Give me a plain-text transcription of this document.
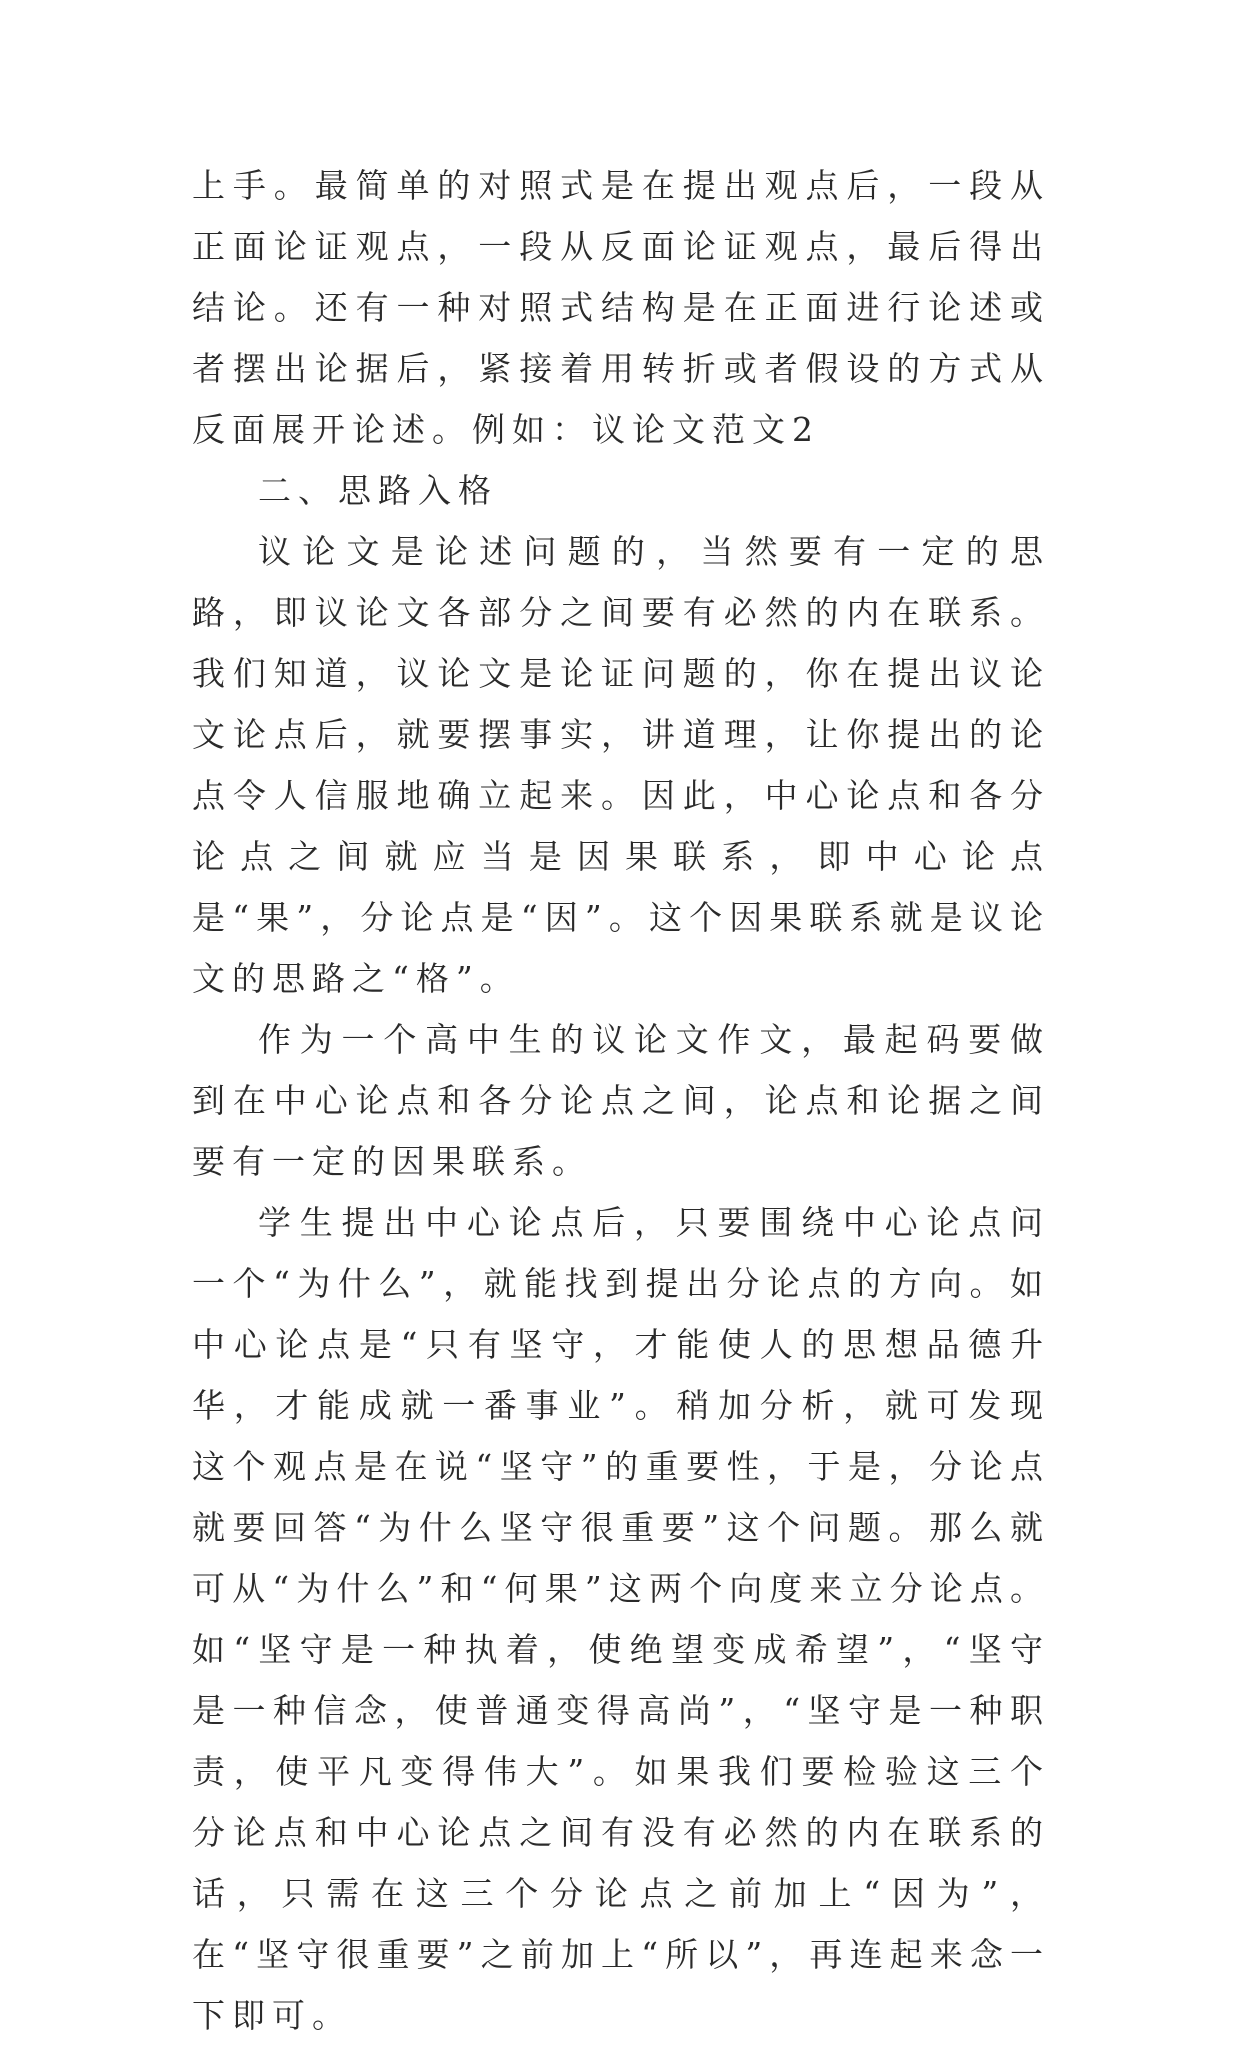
上手。最简单的对照式是在提出观点后，一段从正面论证观点，一段从反面论证观点，最后得出结论。还有一种对照式结构是在正面进行论述或者摆出论据后，紧接着用转折或者假设的方式从反面展开论述。例如：议论文范文2

二、思路入格

议论文是论述问题的，当然要有一定的思路，即议论文各部分之间要有必然的内在联系。我们知道，议论文是论证问题的，你在提出议论文论点后，就要摆事实，讲道理，让你提出的论点令人信服地确立起来。因此，中心论点和各分论点之间就应当是因果联系，即中心论点是“果”，分论点是“因”。这个因果联系就是议论文的思路之“格”。

作为一个高中生的议论文作文，最起码要做到在中心论点和各分论点之间，论点和论据之间要有一定的因果联系。

学生提出中心论点后，只要围绕中心论点问一个“为什么”，就能找到提出分论点的方向。如中心论点是“只有坚守，才能使人的思想品德升华，才能成就一番事业”。稍加分析，就可发现这个观点是在说“坚守”的重要性，于是，分论点就要回答“为什么坚守很重要”这个问题。那么就可从“为什么”和“何果”这两个向度来立分论点。如“坚守是一种执着，使绝望变成希望”，“坚守是一种信念，使普通变得高尚”，“坚守是一种职责，使平凡变得伟大”。如果我们要检验这三个分论点和中心论点之间有没有必然的内在联系的话，只需在这三个分论点之前加上“因为”，在“坚守很重要”之前加上“所以”，再连起来念一下即可。
